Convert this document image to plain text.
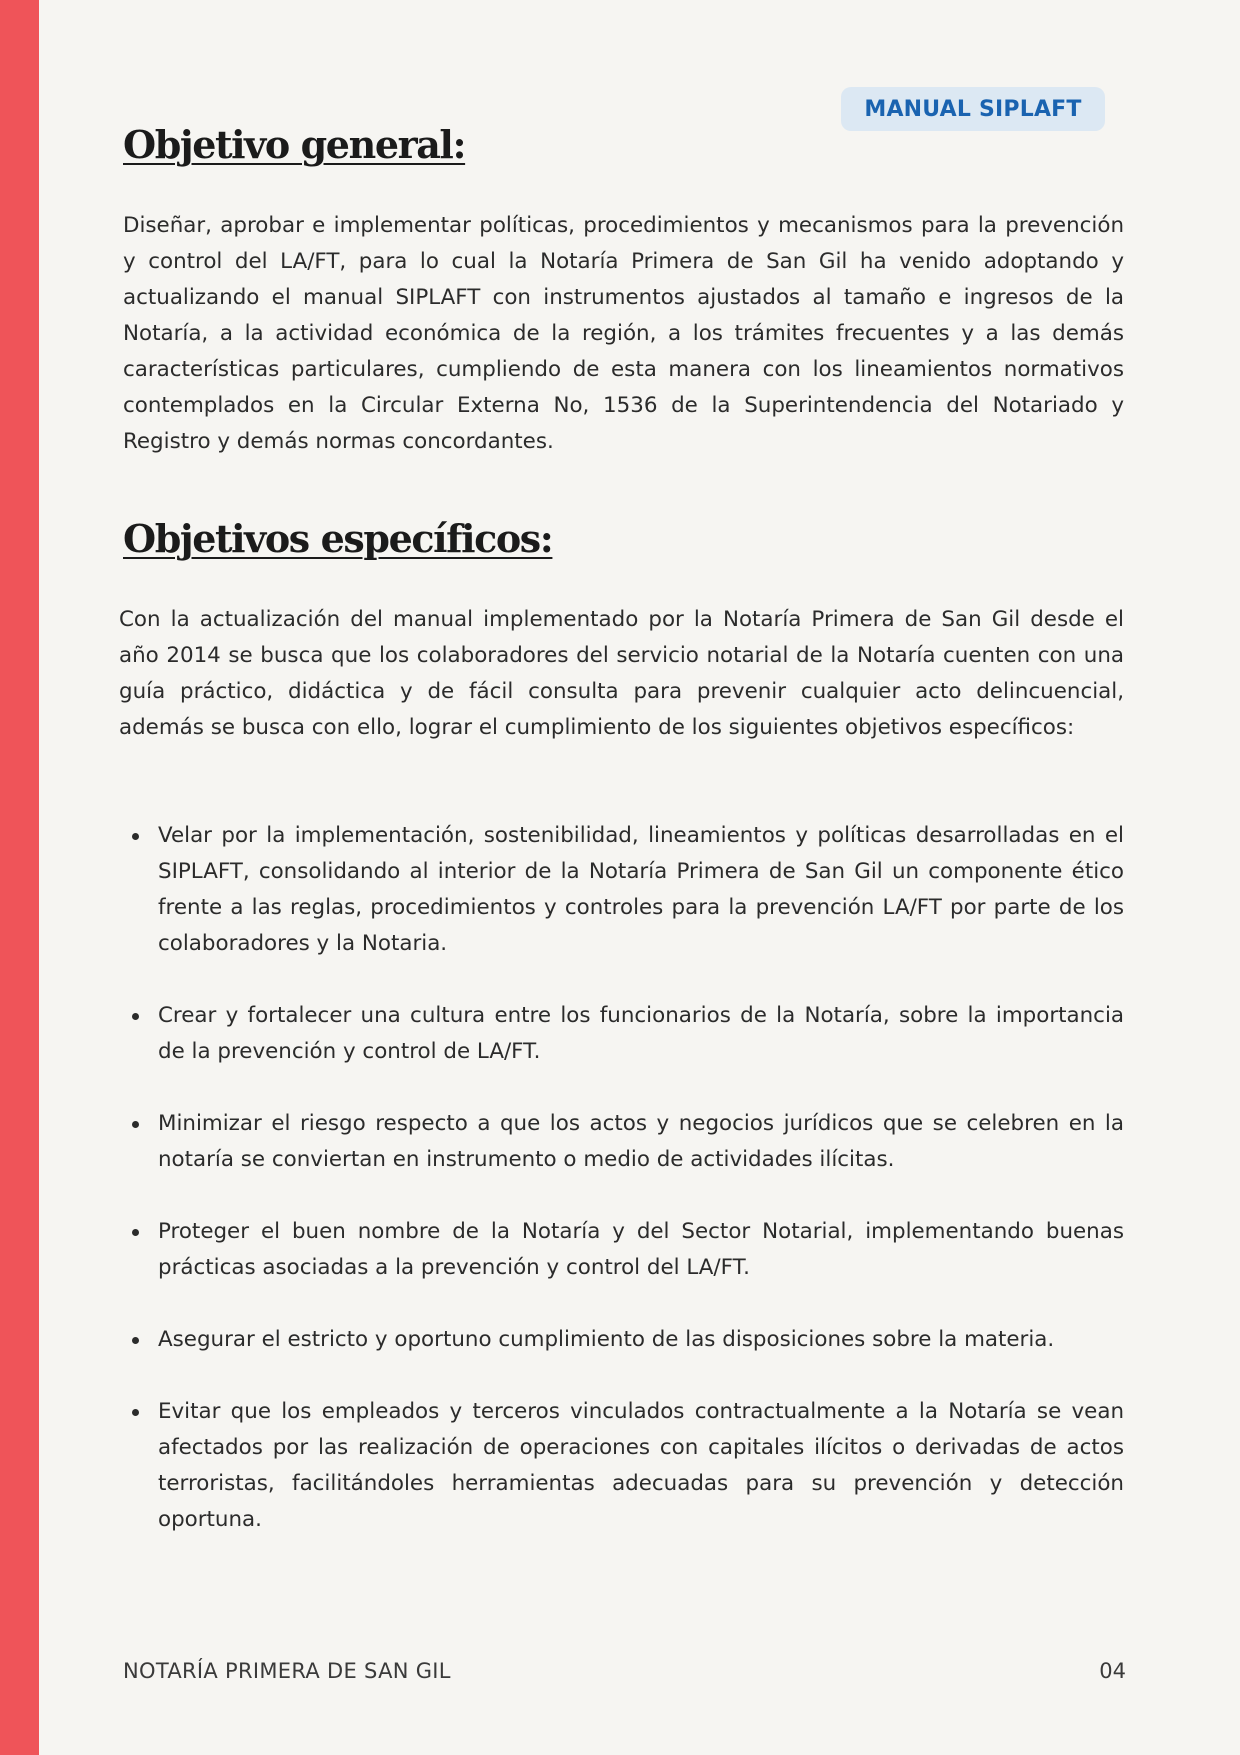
MANUAL SIPLAFT
Objetivo general:

Diseñar, aprobar e implementar políticas, procedimientos y mecanismos para la prevención y control del LA/FT, para lo cual la Notaría Primera de San Gil ha venido adoptando y actualizando el manual SIPLAFT con instrumentos ajustados al tamaño e ingresos de la Notaría, a la actividad económica de la región, a los trámites frecuentes y a las demás características particulares, cumpliendo de esta manera con los lineamientos normativos contemplados en la Circular Externa No, 1536 de la Superintendencia del Notariado y Registro y demás normas concordantes.

Objetivos específicos:

Con la actualización del manual implementado por la Notaría Primera de San Gil desde el año 2014 se busca que los colaboradores del servicio notarial de la Notaría cuenten con una guía práctico, didáctica y de fácil consulta para prevenir cualquier acto delincuencial, además se busca con ello, lograr el cumplimiento de los siguientes objetivos específicos:

Velar por la implementación, sostenibilidad, lineamientos y políticas desarrolladas en el SIPLAFT, consolidando al interior de la Notaría Primera de San Gil un componente ético frente a las reglas, procedimientos y controles para la prevención LA/FT por parte de los colaboradores y la Notaria.
Crear y fortalecer una cultura entre los funcionarios de la Notaría, sobre la importancia de la prevención y control de LA/FT.
Minimizar el riesgo respecto a que los actos y negocios jurídicos que se celebren en la notaría se conviertan en instrumento o medio de actividades ilícitas.
Proteger el buen nombre de la Notaría y del Sector Notarial, implementando buenas prácticas asociadas a la prevención y control del LA/FT.
Asegurar el estricto y oportuno cumplimiento de las disposiciones sobre la materia.
Evitar que los empleados y terceros vinculados contractualmente a la Notaría se vean afectados por las realización de operaciones con capitales ilícitos o derivadas de actos terroristas, facilitándoles herramientas adecuadas para su prevención y detección oportuna.
NOTARÍA PRIMERA DE SAN GIL	04
